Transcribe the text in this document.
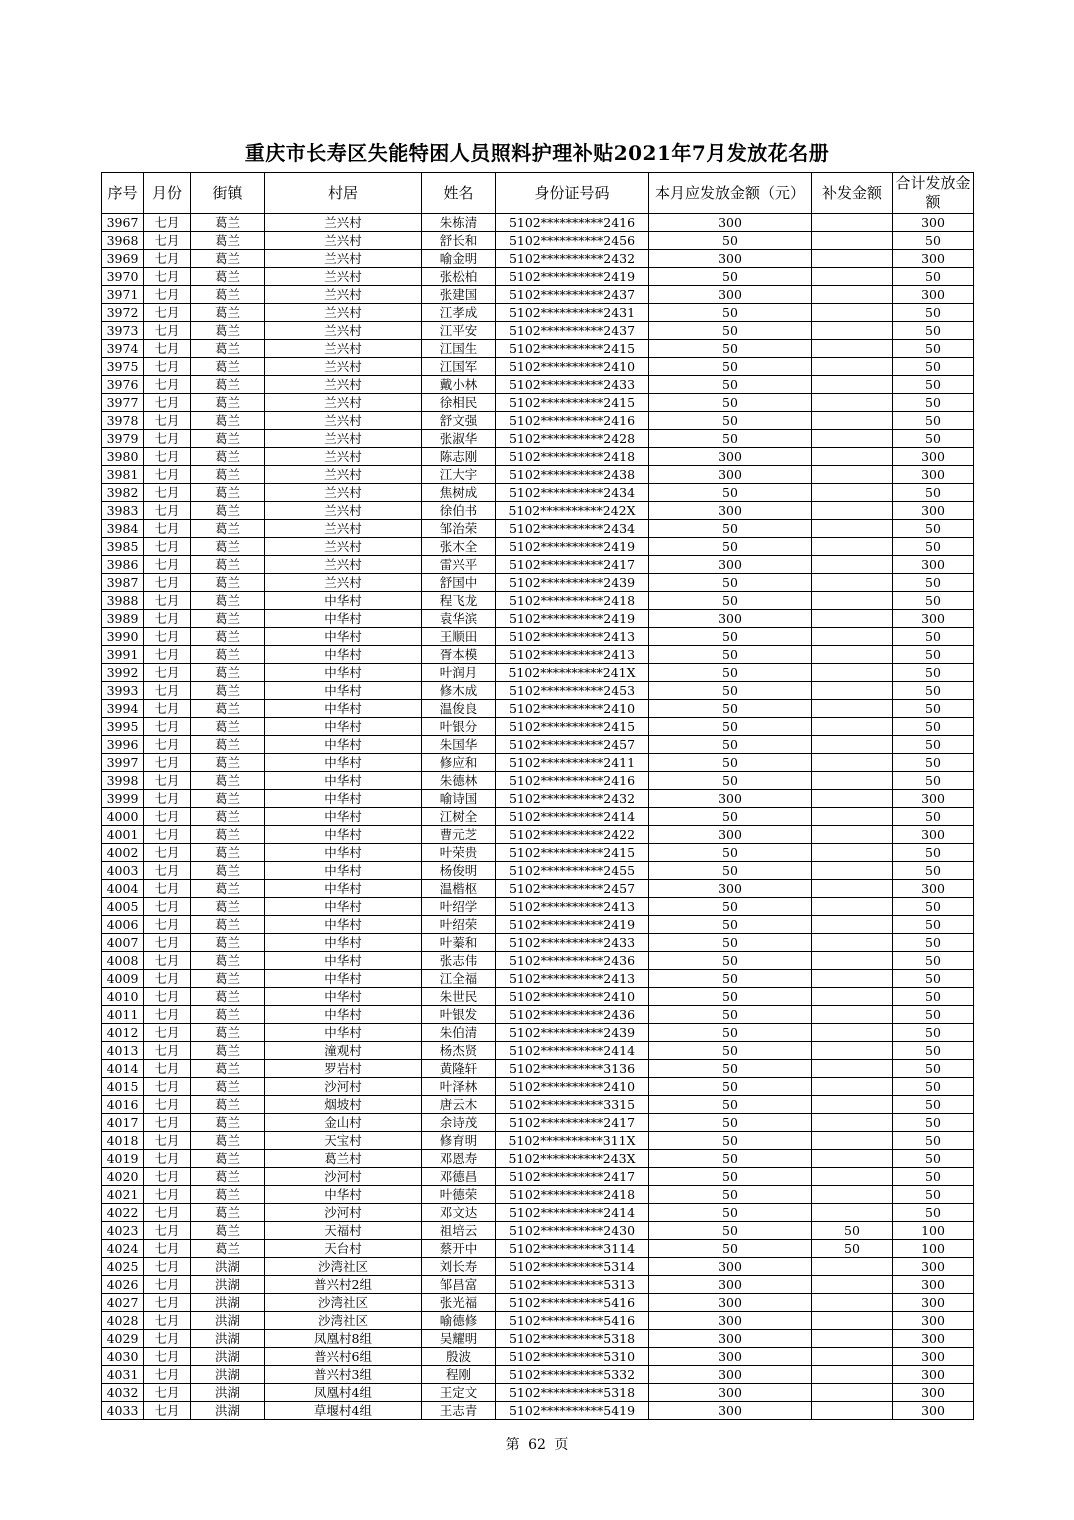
重庆市长寿区失能特困人员照料护理补贴2021年7月发放花名册
序号	月份	街镇	村居	姓名	身份证号码	本月应发放金额（元）	补发金额	合计发放金额
3967	七月	葛兰	兰兴村	朱栋清	5102**********2416	300		300
3968	七月	葛兰	兰兴村	舒长和	5102**********2456	50		50
3969	七月	葛兰	兰兴村	喻金明	5102**********2432	300		300
3970	七月	葛兰	兰兴村	张松柏	5102**********2419	50		50
3971	七月	葛兰	兰兴村	张建国	5102**********2437	300		300
3972	七月	葛兰	兰兴村	江孝成	5102**********2431	50		50
3973	七月	葛兰	兰兴村	江平安	5102**********2437	50		50
3974	七月	葛兰	兰兴村	江国生	5102**********2415	50		50
3975	七月	葛兰	兰兴村	江国军	5102**********2410	50		50
3976	七月	葛兰	兰兴村	戴小林	5102**********2433	50		50
3977	七月	葛兰	兰兴村	徐相民	5102**********2415	50		50
3978	七月	葛兰	兰兴村	舒文强	5102**********2416	50		50
3979	七月	葛兰	兰兴村	张淑华	5102**********2428	50		50
3980	七月	葛兰	兰兴村	陈志刚	5102**********2418	300		300
3981	七月	葛兰	兰兴村	江大宇	5102**********2438	300		300
3982	七月	葛兰	兰兴村	焦树成	5102**********2434	50		50
3983	七月	葛兰	兰兴村	徐伯书	5102**********242X	300		300
3984	七月	葛兰	兰兴村	邹治荣	5102**********2434	50		50
3985	七月	葛兰	兰兴村	张木全	5102**********2419	50		50
3986	七月	葛兰	兰兴村	雷兴平	5102**********2417	300		300
3987	七月	葛兰	兰兴村	舒国中	5102**********2439	50		50
3988	七月	葛兰	中华村	程飞龙	5102**********2418	50		50
3989	七月	葛兰	中华村	袁华滨	5102**********2419	300		300
3990	七月	葛兰	中华村	王顺田	5102**********2413	50		50
3991	七月	葛兰	中华村	胥本模	5102**********2413	50		50
3992	七月	葛兰	中华村	叶润月	5102**********241X	50		50
3993	七月	葛兰	中华村	修木成	5102**********2453	50		50
3994	七月	葛兰	中华村	温俊良	5102**********2410	50		50
3995	七月	葛兰	中华村	叶银分	5102**********2415	50		50
3996	七月	葛兰	中华村	朱国华	5102**********2457	50		50
3997	七月	葛兰	中华村	修应和	5102**********2411	50		50
3998	七月	葛兰	中华村	朱德林	5102**********2416	50		50
3999	七月	葛兰	中华村	喻诗国	5102**********2432	300		300
4000	七月	葛兰	中华村	江树全	5102**********2414	50		50
4001	七月	葛兰	中华村	曹元芝	5102**********2422	300		300
4002	七月	葛兰	中华村	叶荣贵	5102**********2415	50		50
4003	七月	葛兰	中华村	杨俊明	5102**********2455	50		50
4004	七月	葛兰	中华村	温楷枢	5102**********2457	300		300
4005	七月	葛兰	中华村	叶绍学	5102**********2413	50		50
4006	七月	葛兰	中华村	叶绍荣	5102**********2419	50		50
4007	七月	葛兰	中华村	叶蓁和	5102**********2433	50		50
4008	七月	葛兰	中华村	张志伟	5102**********2436	50		50
4009	七月	葛兰	中华村	江全福	5102**********2413	50		50
4010	七月	葛兰	中华村	朱世民	5102**********2410	50		50
4011	七月	葛兰	中华村	叶银发	5102**********2436	50		50
4012	七月	葛兰	中华村	朱伯清	5102**********2439	50		50
4013	七月	葛兰	潼观村	杨杰贤	5102**********2414	50		50
4014	七月	葛兰	罗岩村	黄隆轩	5102**********3136	50		50
4015	七月	葛兰	沙河村	叶泽林	5102**********2410	50		50
4016	七月	葛兰	烟坡村	唐云木	5102**********3315	50		50
4017	七月	葛兰	金山村	余诗茂	5102**********2417	50		50
4018	七月	葛兰	天宝村	修育明	5102**********311X	50		50
4019	七月	葛兰	葛兰村	邓恩寿	5102**********243X	50		50
4020	七月	葛兰	沙河村	邓德昌	5102**********2417	50		50
4021	七月	葛兰	中华村	叶德荣	5102**********2418	50		50
4022	七月	葛兰	沙河村	邓文达	5102**********2414	50		50
4023	七月	葛兰	天福村	祖培云	5102**********2430	50	50	100
4024	七月	葛兰	天台村	蔡开中	5102**********3114	50	50	100
4025	七月	洪湖	沙湾社区	刘长寿	5102**********5314	300		300
4026	七月	洪湖	普兴村2组	邹昌富	5102**********5313	300		300
4027	七月	洪湖	沙湾社区	张光福	5102**********5416	300		300
4028	七月	洪湖	沙湾社区	喻德修	5102**********5416	300		300
4029	七月	洪湖	凤凰村8组	吴耀明	5102**********5318	300		300
4030	七月	洪湖	普兴村6组	殷波	5102**********5310	300		300
4031	七月	洪湖	普兴村3组	程刚	5102**********5332	300		300
4032	七月	洪湖	凤凰村4组	王定文	5102**********5318	300		300
4033	七月	洪湖	草堰村4组	王志青	5102**********5419	300		300
第 62 页
